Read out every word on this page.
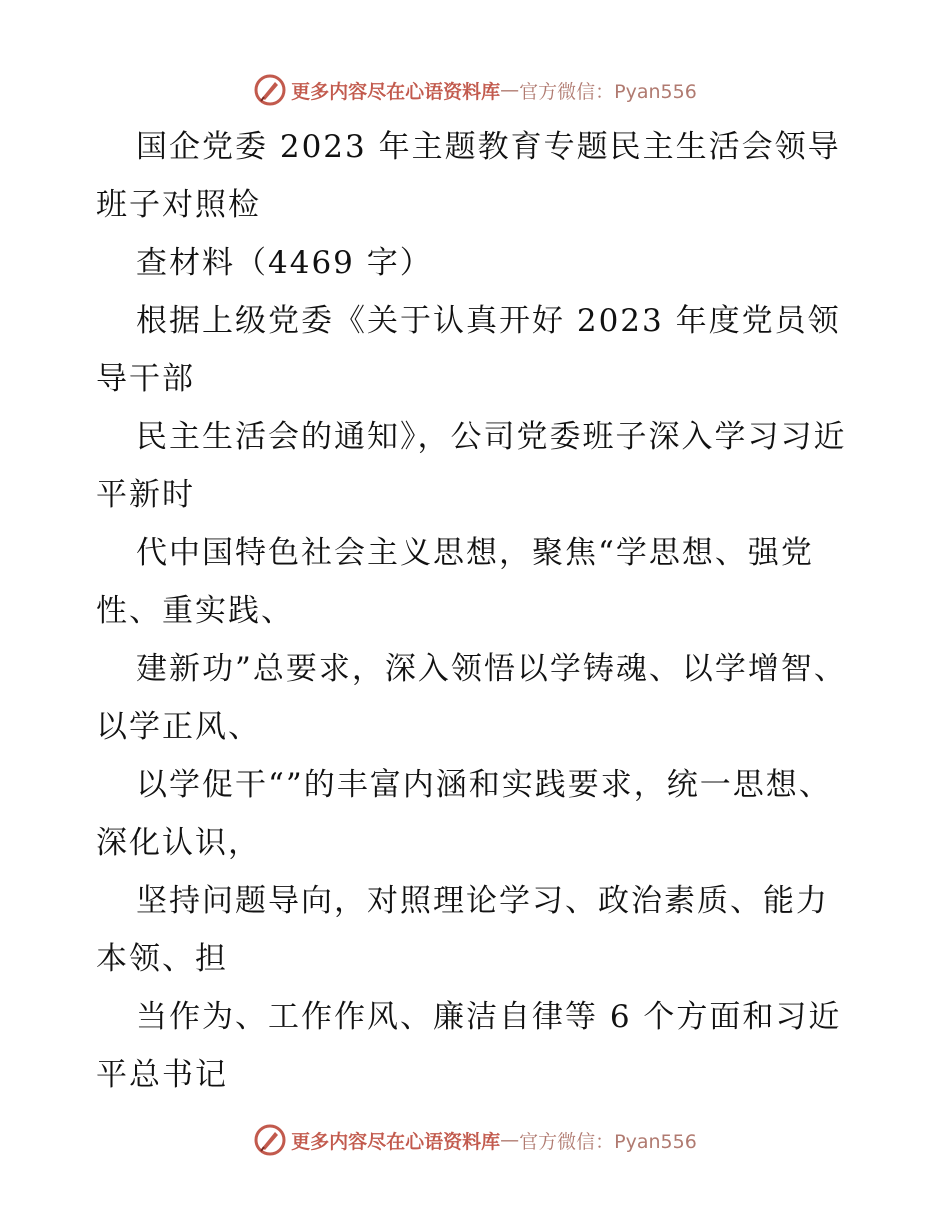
更多内容尽在心语资料库 — 官方微信：Pyan556

国企党委 2023 年主题教育专题民主生活会领导班子对照检

查材料（4469 字）

根据上级党委《关于认真开好 2023 年度党员领导干部

民主生活会的通知》，公司党委班子深入学习习近平新时

代中国特色社会主义思想，聚焦“学思想、强党性、重实践、

建新功”总要求，深入领悟以学铸魂、以学增智、以学正风、

以学促干“”的丰富内涵和实践要求，统一思想、深化认识，

坚持问题导向，对照理论学习、政治素质、能力本领、担

当作为、工作作风、廉洁自律等 6 个方面和习近平总书记

更多内容尽在心语资料库 — 官方微信：Pyan556
